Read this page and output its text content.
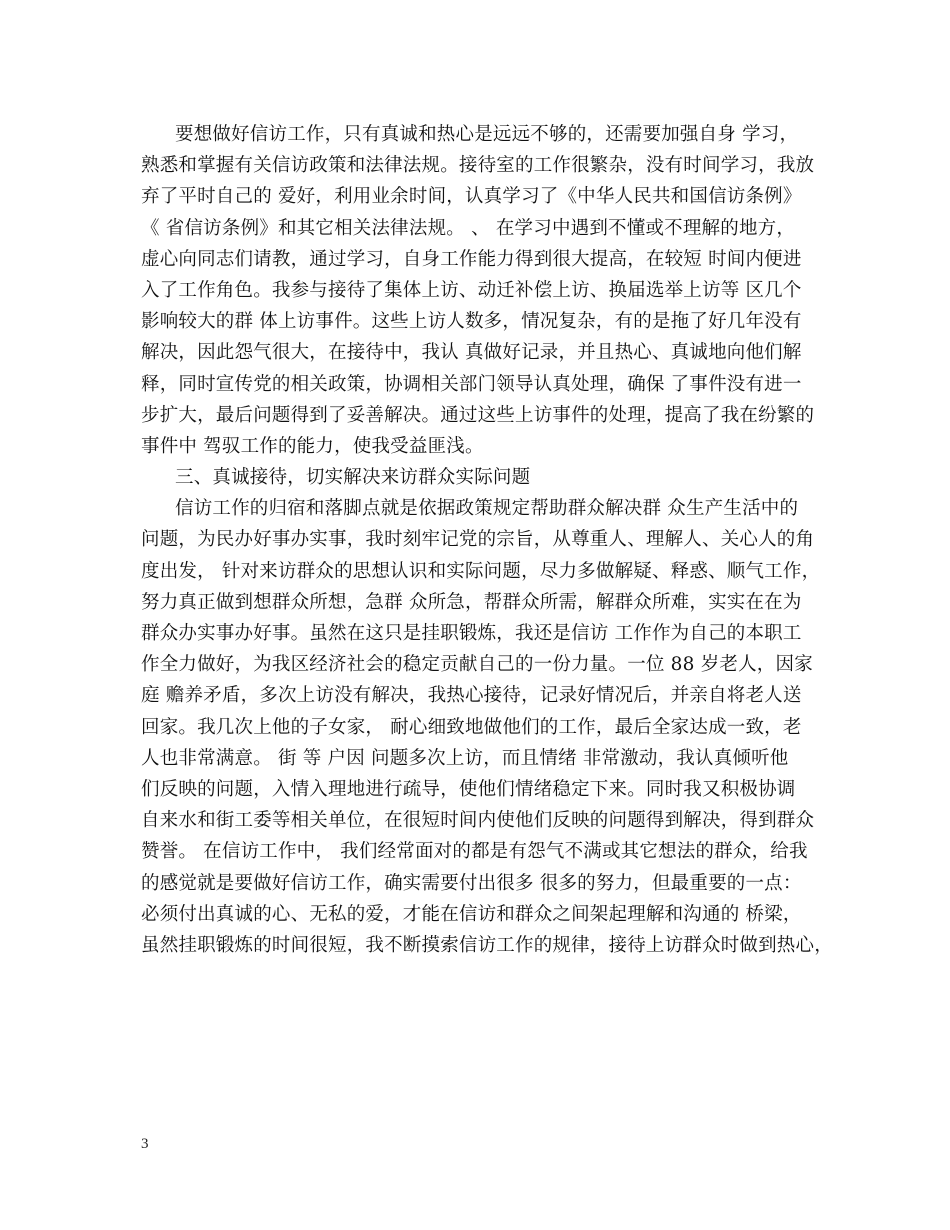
要想做好信访工作，只有真诚和热心是远远不够的，还需要加强自身 学习，
熟悉和掌握有关信访政策和法律法规。接待室的工作很繁杂，没有时间学习，我放
弃了平时自己的 爱好，利用业余时间，认真学习了《中华人民共和国信访条例》
《 省信访条例》和其它相关法律法规。 、 在学习中遇到不懂或不理解的地方，
虚心向同志们请教，通过学习，自身工作能力得到很大提高，在较短 时间内便进
入了工作角色。我参与接待了集体上访、动迁补偿上访、换届选举上访等 区几个
影响较大的群 体上访事件。这些上访人数多，情况复杂，有的是拖了好几年没有
解决，因此怨气很大，在接待中，我认 真做好记录，并且热心、真诚地向他们解
释，同时宣传党的相关政策，协调相关部门领导认真处理，确保 了事件没有进一
步扩大，最后问题得到了妥善解决。通过这些上访事件的处理，提高了我在纷繁的
事件中 驾驭工作的能力，使我受益匪浅。
三、真诚接待，切实解决来访群众实际问题
信访工作的归宿和落脚点就是依据政策规定帮助群众解决群 众生产生活中的
问题，为民办好事办实事，我时刻牢记党的宗旨，从尊重人、理解人、关心人的角
度出发， 针对来访群众的思想认识和实际问题，尽力多做解疑、释惑、顺气工作，
努力真正做到想群众所想，急群 众所急，帮群众所需，解群众所难，实实在在为
群众办实事办好事。虽然在这只是挂职锻炼，我还是信访 工作作为自己的本职工
作全力做好，为我区经济社会的稳定贡献自己的一份力量。一位 88 岁老人，因家
庭 赡养矛盾，多次上访没有解决，我热心接待，记录好情况后，并亲自将老人送
回家。我几次上他的子女家， 耐心细致地做他们的工作，最后全家达成一致，老
人也非常满意。 街 等 户因 问题多次上访，而且情绪 非常激动，我认真倾听他
们反映的问题，入情入理地进行疏导，使他们情绪稳定下来。同时我又积极协调
自来水和街工委等相关单位，在很短时间内使他们反映的问题得到解决，得到群众
赞誉。 在信访工作中， 我们经常面对的都是有怨气不满或其它想法的群众，给我
的感觉就是要做好信访工作，确实需要付出很多 很多的努力，但最重要的一点：
必须付出真诚的心、无私的爱，才能在信访和群众之间架起理解和沟通的 桥梁，
虽然挂职锻炼的时间很短，我不断摸索信访工作的规律，接待上访群众时做到热心，
3
